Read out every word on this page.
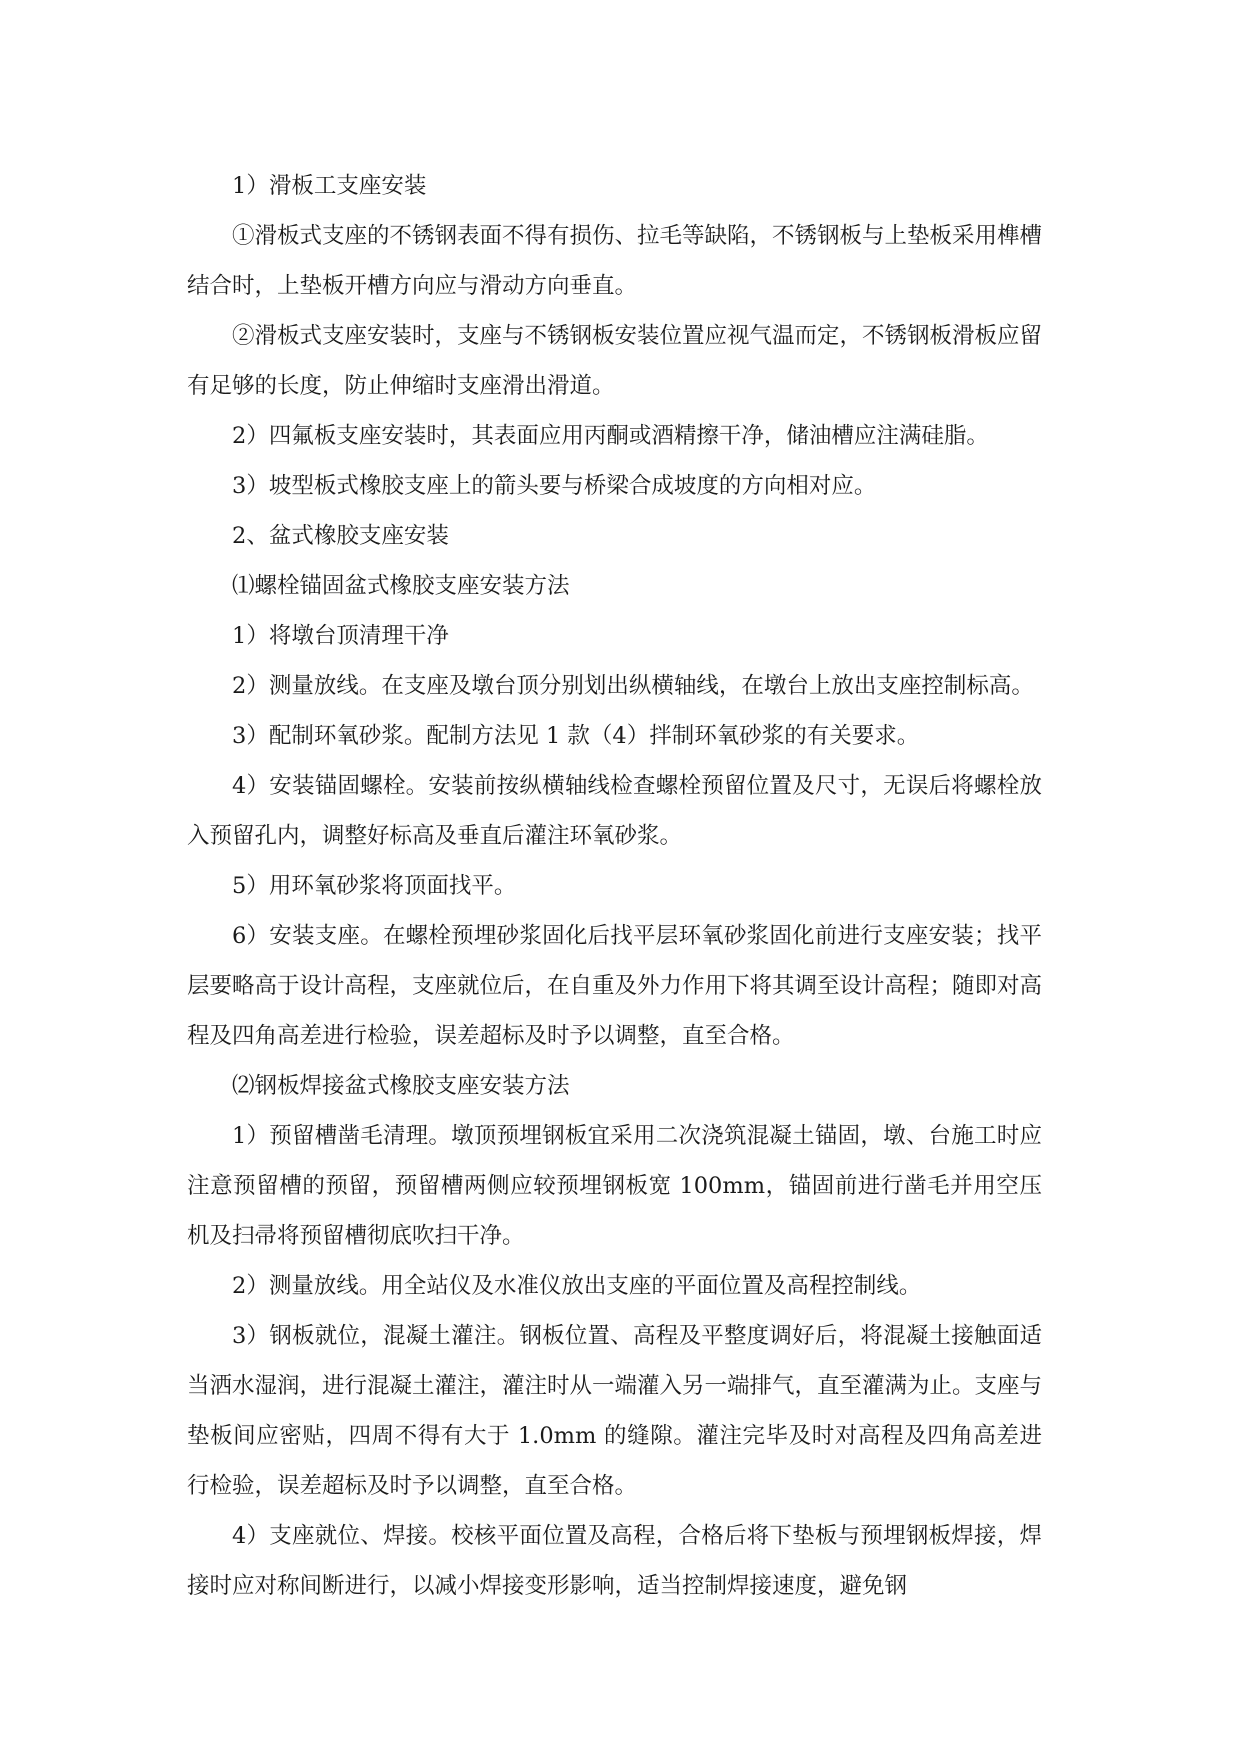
1）滑板工支座安装

①滑板式支座的不锈钢表面不得有损伤、拉毛等缺陷，不锈钢板与上垫板采用榫槽结合时，上垫板开槽方向应与滑动方向垂直。

②滑板式支座安装时，支座与不锈钢板安装位置应视气温而定，不锈钢板滑板应留有足够的长度，防止伸缩时支座滑出滑道。

2）四氟板支座安装时，其表面应用丙酮或酒精擦干净，储油槽应注满硅脂。

3）坡型板式橡胶支座上的箭头要与桥梁合成坡度的方向相对应。

2、盆式橡胶支座安装

⑴螺栓锚固盆式橡胶支座安装方法

1）将墩台顶清理干净

2）测量放线。在支座及墩台顶分别划出纵横轴线，在墩台上放出支座控制标高。

3）配制环氧砂浆。配制方法见 1 款（4）拌制环氧砂浆的有关要求。

4）安装锚固螺栓。安装前按纵横轴线检查螺栓预留位置及尺寸，无误后将螺栓放入预留孔内，调整好标高及垂直后灌注环氧砂浆。

5）用环氧砂浆将顶面找平。

6）安装支座。在螺栓预埋砂浆固化后找平层环氧砂浆固化前进行支座安装；找平层要略高于设计高程，支座就位后，在自重及外力作用下将其调至设计高程；随即对高程及四角高差进行检验，误差超标及时予以调整，直至合格。

⑵钢板焊接盆式橡胶支座安装方法

1）预留槽凿毛清理。墩顶预埋钢板宜采用二次浇筑混凝土锚固，墩、台施工时应注意预留槽的预留，预留槽两侧应较预埋钢板宽 100mm，锚固前进行凿毛并用空压机及扫帚将预留槽彻底吹扫干净。

2）测量放线。用全站仪及水准仪放出支座的平面位置及高程控制线。

3）钢板就位，混凝土灌注。钢板位置、高程及平整度调好后，将混凝土接触面适当洒水湿润，进行混凝土灌注，灌注时从一端灌入另一端排气，直至灌满为止。支座与垫板间应密贴，四周不得有大于 1.0mm 的缝隙。灌注完毕及时对高程及四角高差进行检验，误差超标及时予以调整，直至合格。

4）支座就位、焊接。校核平面位置及高程，合格后将下垫板与预埋钢板焊接，焊接时应对称间断进行，以减小焊接变形影响，适当控制焊接速度，避免钢
